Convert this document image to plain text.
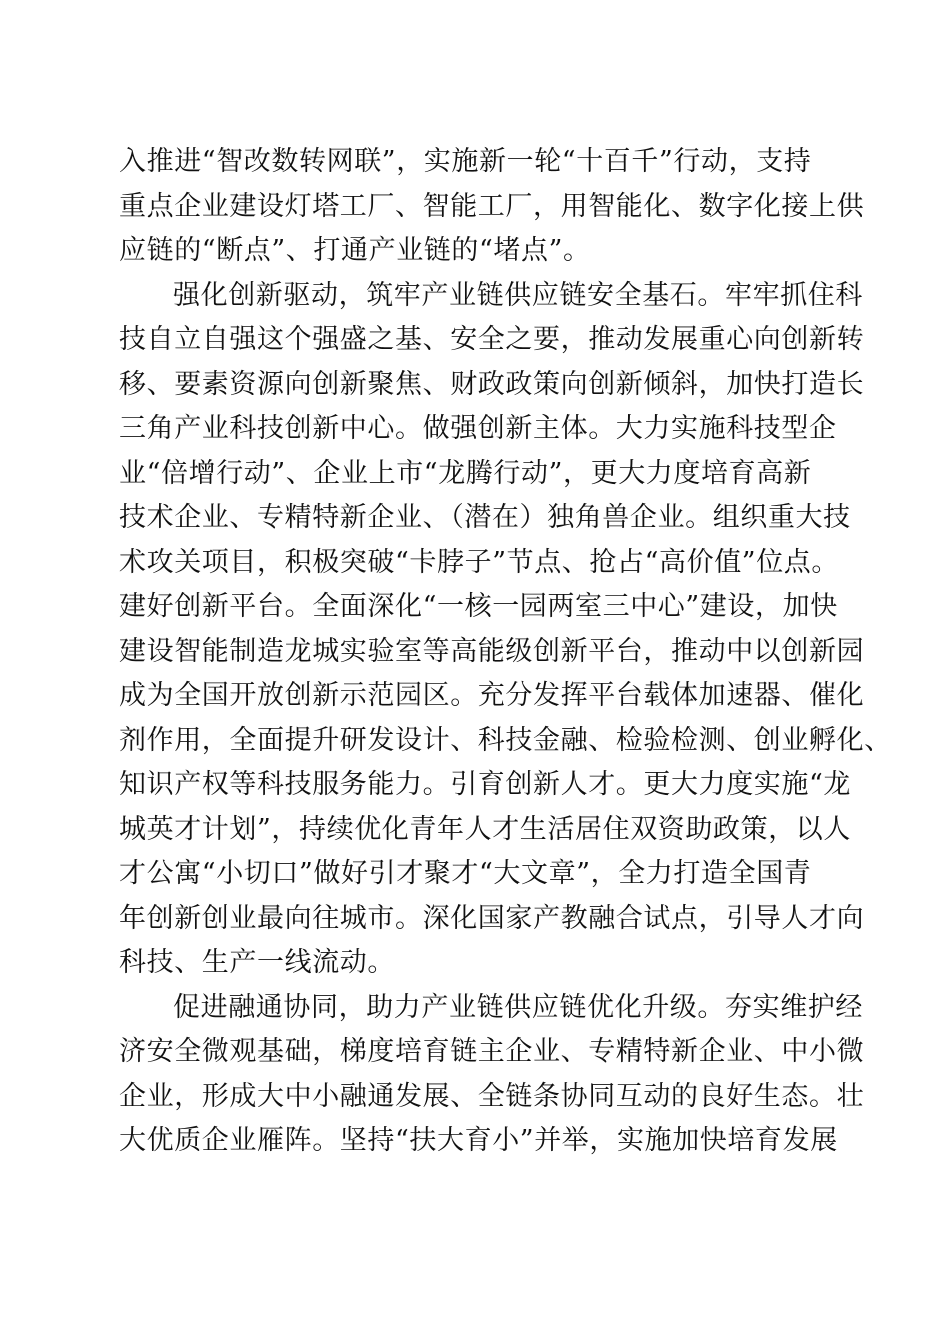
入推进“智改数转网联”，实施新一轮“十百千”行动，支持
重点企业建设灯塔工厂、智能工厂，用智能化、数字化接上供
应链的“断点”、打通产业链的“堵点”。
强化创新驱动，筑牢产业链供应链安全基石。牢牢抓住科
技自立自强这个强盛之基、安全之要，推动发展重心向创新转
移、要素资源向创新聚焦、财政政策向创新倾斜，加快打造长
三角产业科技创新中心。做强创新主体。大力实施科技型企
业“倍增行动”、企业上市“龙腾行动”，更大力度培育高新
技术企业、专精特新企业、（潜在）独角兽企业。组织重大技
术攻关项目，积极突破“卡脖子”节点、抢占“高价值”位点。
建好创新平台。全面深化“一核一园两室三中心”建设，加快
建设智能制造龙城实验室等高能级创新平台，推动中以创新园
成为全国开放创新示范园区。充分发挥平台载体加速器、催化
剂作用，全面提升研发设计、科技金融、检验检测、创业孵化、
知识产权等科技服务能力。引育创新人才。更大力度实施“龙
城英才计划”，持续优化青年人才生活居住双资助政策，以人
才公寓“小切口”做好引才聚才“大文章”，全力打造全国青
年创新创业最向往城市。深化国家产教融合试点，引导人才向
科技、生产一线流动。
促进融通协同，助力产业链供应链优化升级。夯实维护经
济安全微观基础，梯度培育链主企业、专精特新企业、中小微
企业，形成大中小融通发展、全链条协同互动的良好生态。壮
大优质企业雁阵。坚持“扶大育小”并举，实施加快培育发展
